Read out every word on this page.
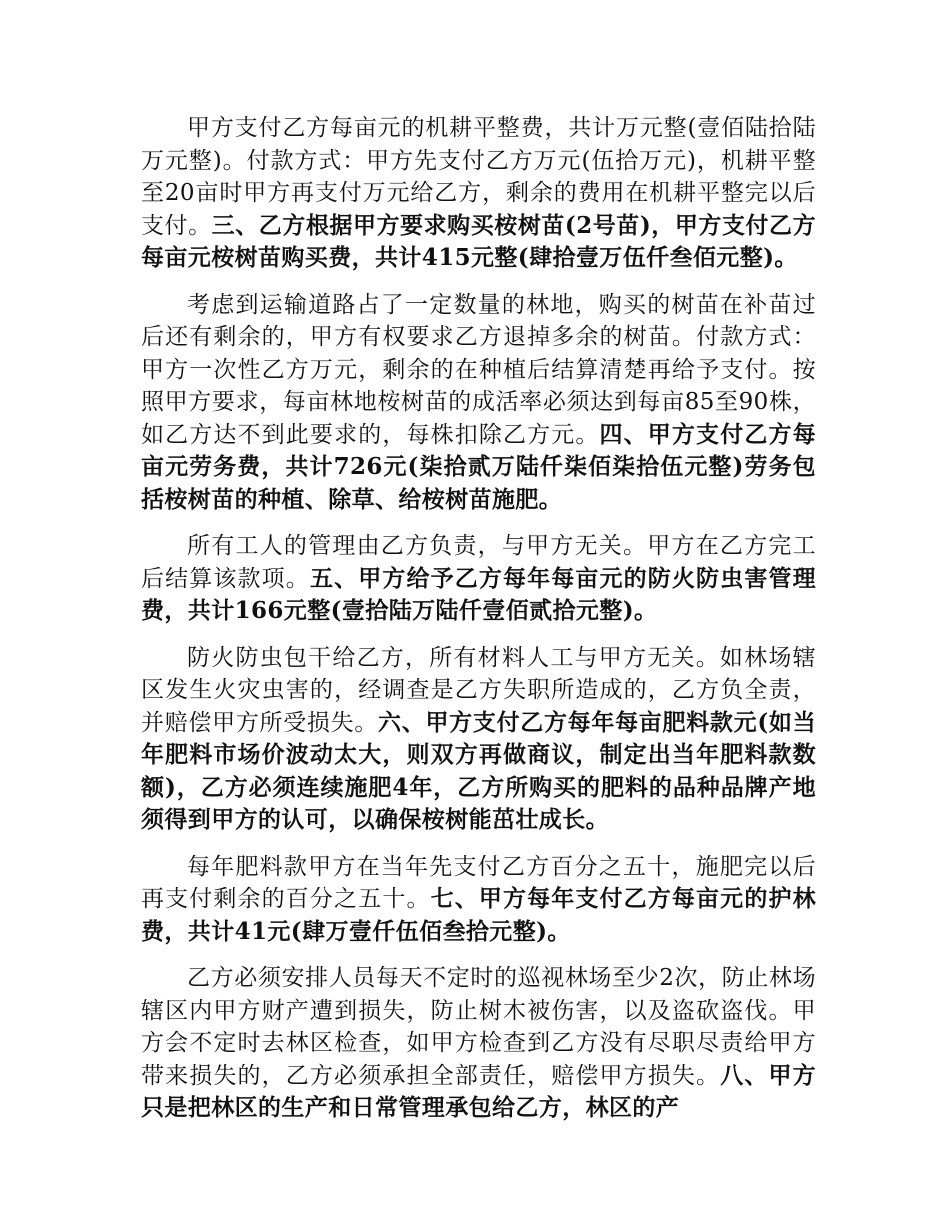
甲方支付乙方每亩元的机耕平整费，共计万元整(壹佰陆拾陆万元整)。付款方式：甲方先支付乙方万元(伍拾万元)，机耕平整至20亩时甲方再支付万元给乙方，剩余的费用在机耕平整完以后支付。三、乙方根据甲方要求购买桉树苗(2号苗)，甲方支付乙方每亩元桉树苗购买费，共计415元整(肆拾壹万伍仟叁佰元整)。

考虑到运输道路占了一定数量的林地，购买的树苗在补苗过后还有剩余的，甲方有权要求乙方退掉多余的树苗。付款方式：甲方一次性乙方万元，剩余的在种植后结算清楚再给予支付。按照甲方要求，每亩林地桉树苗的成活率必须达到每亩85至90株，如乙方达不到此要求的，每株扣除乙方元。四、甲方支付乙方每亩元劳务费，共计726元(柒拾贰万陆仟柒佰柒拾伍元整)劳务包括桉树苗的种植、除草、给桉树苗施肥。

所有工人的管理由乙方负责，与甲方无关。甲方在乙方完工后结算该款项。五、甲方给予乙方每年每亩元的防火防虫害管理费，共计166元整(壹拾陆万陆仟壹佰贰拾元整)。

防火防虫包干给乙方，所有材料人工与甲方无关。如林场辖区发生火灾虫害的，经调查是乙方失职所造成的，乙方负全责，并赔偿甲方所受损失。六、甲方支付乙方每年每亩肥料款元(如当年肥料市场价波动太大，则双方再做商议，制定出当年肥料款数额)，乙方必须连续施肥4年，乙方所购买的肥料的品种品牌产地须得到甲方的认可，以确保桉树能茁壮成长。

每年肥料款甲方在当年先支付乙方百分之五十，施肥完以后再支付剩余的百分之五十。七、甲方每年支付乙方每亩元的护林费，共计41元(肆万壹仟伍佰叁拾元整)。

乙方必须安排人员每天不定时的巡视林场至少2次，防止林场辖区内甲方财产遭到损失，防止树木被伤害，以及盗砍盗伐。甲方会不定时去林区检查，如甲方检查到乙方没有尽职尽责给甲方带来损失的，乙方必须承担全部责任，赔偿甲方损失。八、甲方只是把林区的生产和日常管理承包给乙方，林区的产
